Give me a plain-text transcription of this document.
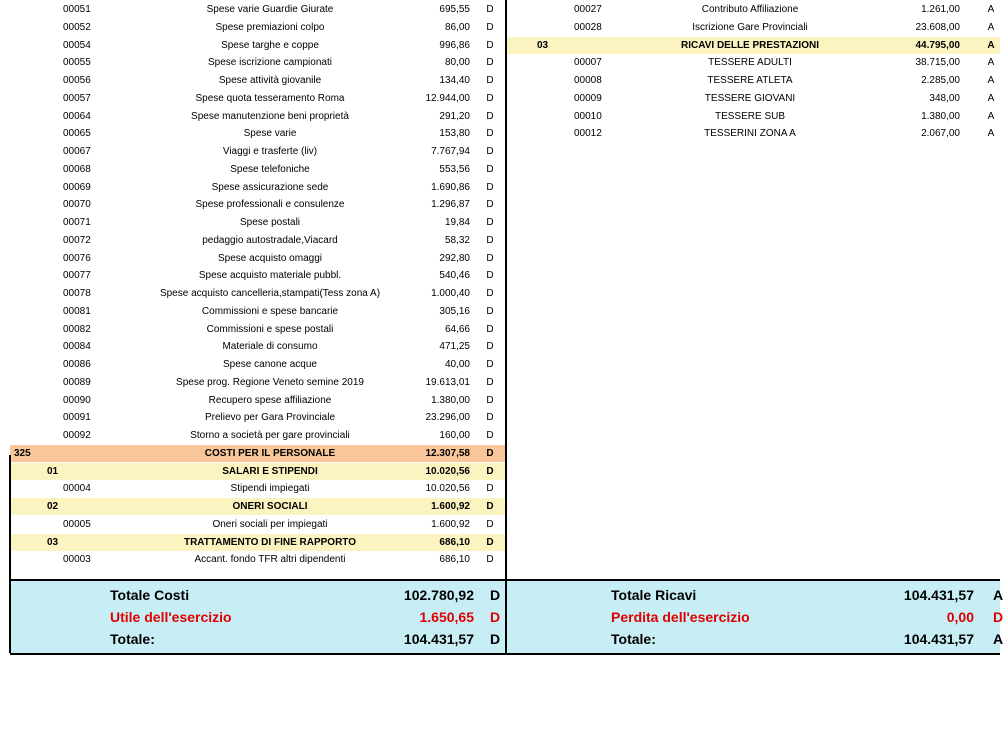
00051	Spese varie Guardie Giurate	695,55 D
00052	Spese premiazioni colpo	86,00 D
00054	Spese targhe e coppe	996,86 D
00055	Spese iscrizione campionati	80,00 D
00056	Spese attività giovanile	134,40 D
00057	Spese quota tesseramento Roma	12.944,00 D
00064	Spese manutenzione beni proprietà	291,20 D
00065	Spese varie	153,80 D
00067	Viaggi e trasferte (liv)	7.767,94 D
00068	Spese telefoniche	553,56 D
00069	Spese assicurazione sede	1.690,86 D
00070	Spese professionali e consulenze	1.296,87 D
00071	Spese postali	19,84 D
00072	pedaggio autostradale,Viacard	58,32 D
00076	Spese acquisto omaggi	292,80 D
00077	Spese acquisto materiale pubbl.	540,46 D
00078	Spese acquisto cancelleria,stampati(Tess zona A)	1.000,40 D
00081	Commissioni e spese bancarie	305,16 D
00082	Commissioni e spese postali	64,66 D
00084	Materiale di consumo	471,25 D
00086	Spese canone acque	40,00 D
00089	Spese prog. Regione Veneto semine 2019	19.613,01 D
00090	Recupero spese affiliazione	1.380,00 D
00091	Prelievo per Gara Provinciale	23.296,00 D
00092	Storno a società per gare provinciali	160,00 D
325	COSTI PER IL PERSONALE	12.307,58 D
01	SALARI E STIPENDI	10.020,56 D
00004	Stipendi impiegati	10.020,56 D
02	ONERI SOCIALI	1.600,92 D
00005	Oneri sociali per impiegati	1.600,92 D
03	TRATTAMENTO DI FINE RAPPORTO	686,10 D
00003	Accant. fondo TFR altri dipendenti	686,10 D
00027	Contributo Affiliazione	1.261,00	A
00028	Iscrizione Gare Provinciali	23.608,00	A
03	RICAVI DELLE PRESTAZIONI	44.795,00	A
00007	TESSERE ADULTI	38.715,00	A
00008	TESSERE ATLETA	2.285,00	A
00009	TESSERE GIOVANI	348,00	A
00010	TESSERE SUB	1.380,00	A
00012	TESSERINI ZONA A	2.067,00	A
Totale Costi	102.780,92 D	Totale Ricavi	104.431,57 A
Utile dell'esercizio	1.650,65 D	Perdita dell'esercizio	0,00 D
Totale:	104.431,57 D	Totale:	104.431,57 A
